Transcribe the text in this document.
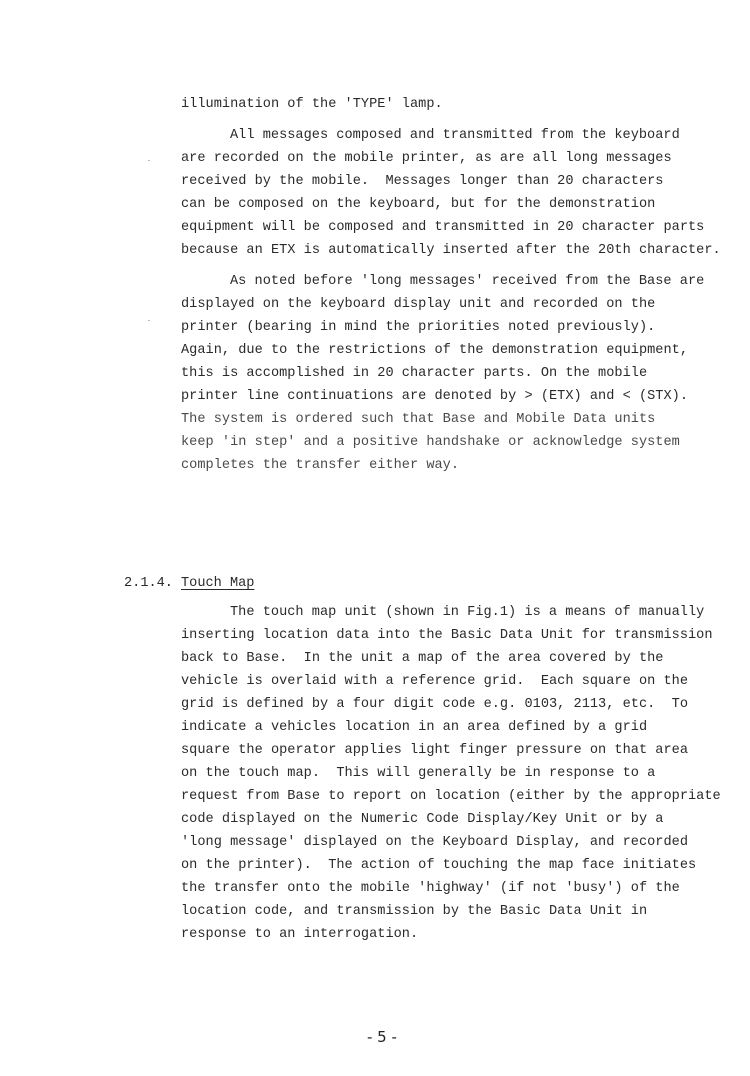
illumination of the 'TYPE' lamp.
All messages composed and transmitted from the keyboard
are recorded on the mobile printer, as are all long messages
received by the mobile.  Messages longer than 20 characters
can be composed on the keyboard, but for the demonstration
equipment will be composed and transmitted in 20 character parts
because an ETX is automatically inserted after the 20th character.
As noted before 'long messages' received from the Base are
displayed on the keyboard display unit and recorded on the
printer (bearing in mind the priorities noted previously).
Again, due to the restrictions of the demonstration equipment,
this is accomplished in 20 character parts. On the mobile
printer line continuations are denoted by > (ETX) and < (STX).
The system is ordered such that Base and Mobile Data units
keep 'in step' and a positive handshake or acknowledge system
completes the transfer either way.
2.1.4. Touch Map
The touch map unit (shown in Fig.1) is a means of manually
inserting location data into the Basic Data Unit for transmission
back to Base.  In the unit a map of the area covered by the
vehicle is overlaid with a reference grid.  Each square on the
grid is defined by a four digit code e.g. 0103, 2113, etc.  To
indicate a vehicles location in an area defined by a grid
square the operator applies light finger pressure on that area
on the touch map.  This will generally be in response to a
request from Base to report on location (either by the appropriate
code displayed on the Numeric Code Display/Key Unit or by a
'long message' displayed on the Keyboard Display, and recorded
on the printer).  The action of touching the map face initiates
the transfer onto the mobile 'highway' (if not 'busy') of the
location code, and transmission by the Basic Data Unit in
response to an interrogation.
- 5 -
